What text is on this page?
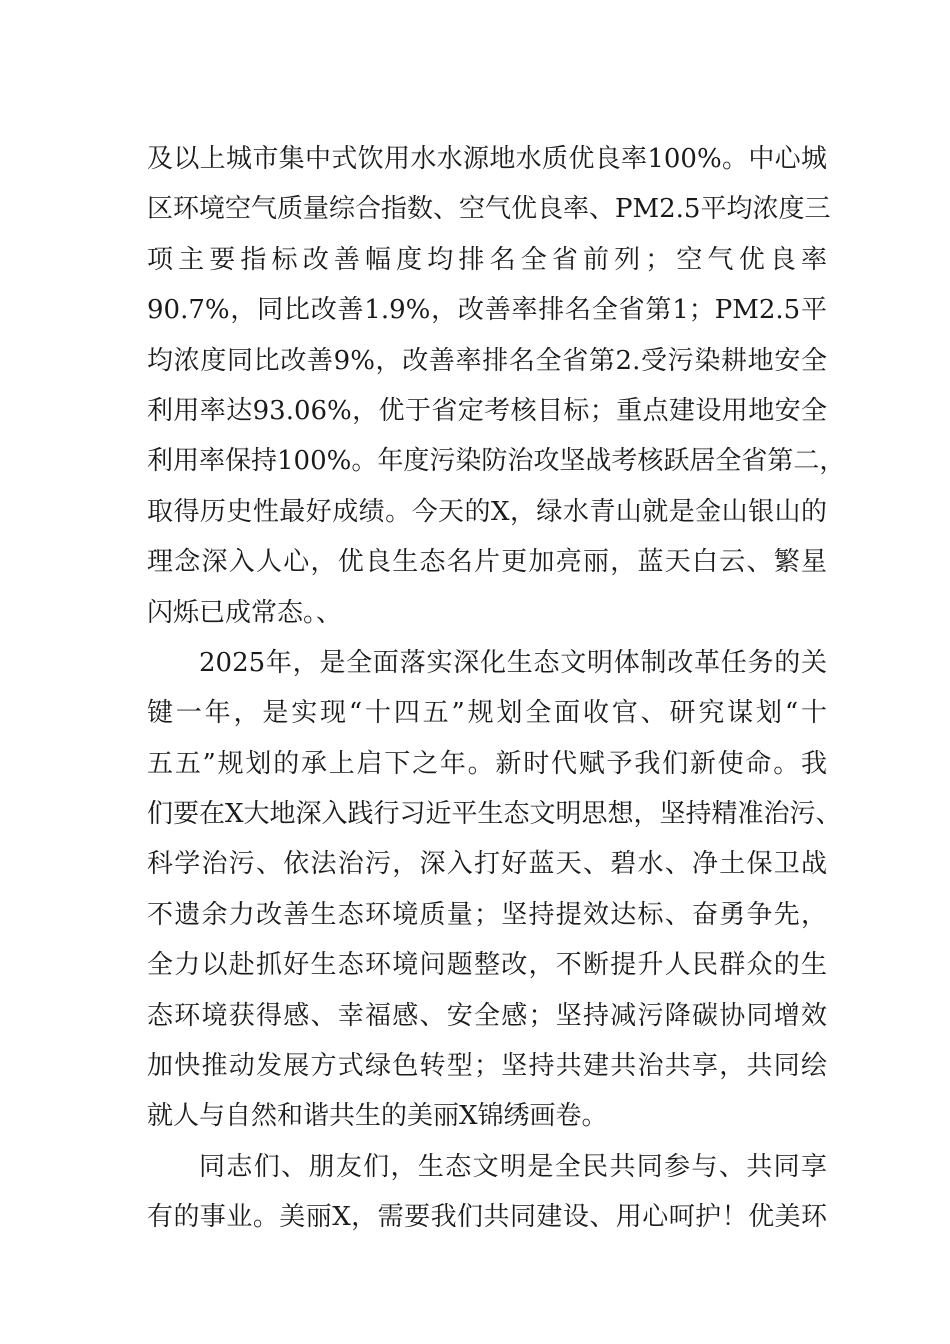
及以上城市集中式饮用水水源地水质优良率100%。中心城
区环境空气质量综合指数、空气优良率、PM2.5平均浓度三
项主要指标改善幅度均排名全省前列；空气优良率
90.7%，同比改善1.9%，改善率排名全省第1；PM2.5平
均浓度同比改善9%，改善率排名全省第2.受污染耕地安全
利用率达93.06%，优于省定考核目标；重点建设用地安全
利用率保持100%。年度污染防治攻坚战考核跃居全省第二，
取得历史性最好成绩。今天的X，绿水青山就是金山银山的
理念深入人心，优良生态名片更加亮丽，蓝天白云、繁星
闪烁已成常态。、
2025年，是全面落实深化生态文明体制改革任务的关
键一年，是实现“十四五”规划全面收官、研究谋划“十
五五”规划的承上启下之年。新时代赋予我们新使命。我
们要在X大地深入践行习近平生态文明思想，坚持精准治污、
科学治污、依法治污，深入打好蓝天、碧水、净土保卫战
不遗余力改善生态环境质量；坚持提效达标、奋勇争先，
全力以赴抓好生态环境问题整改，不断提升人民群众的生
态环境获得感、幸福感、安全感；坚持减污降碳协同增效
加快推动发展方式绿色转型；坚持共建共治共享，共同绘
就人与自然和谐共生的美丽X锦绣画卷。
同志们、朋友们，生态文明是全民共同参与、共同享
有的事业。美丽X，需要我们共同建设、用心呵护！优美环
